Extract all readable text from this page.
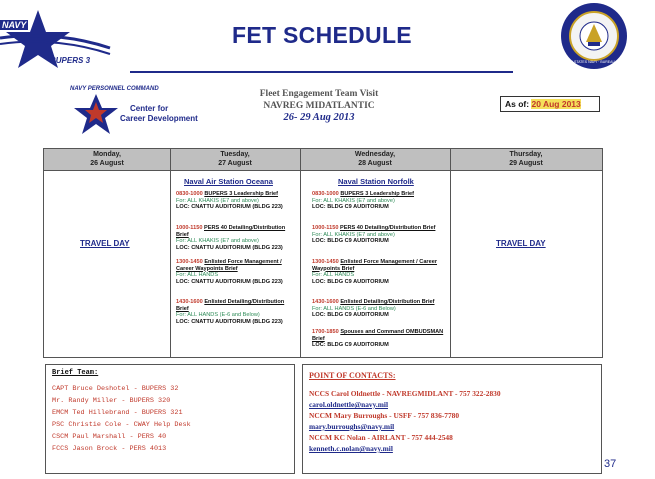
NAVY
BUPERS 3
FET SCHEDULE
UNITED STATES NAVY · BUREAU OF NAVAL PERSONNEL
NAVY PERSONNEL COMMAND
Center for
Career Development
Fleet Engagement Team Visit
NAVREG MIDATLANTIC
26- 29 Aug 2013
As of: 20 Aug 2013
Monday,
26 August
Tuesday,
27 August
Wednesday,
28 August
Thursday,
29 August
TRAVEL DAY	TRAVEL DAY
Naval Air Station Oceana	Naval Station Norfolk
0830-1000 BUPERS 3 Leadership Brief
For: ALL KHAKIS (E7 and above)
LOC: CNATTU AUDITORIUM (BLDG 223)
1000-1150 PERS 40 Detailing/Distribution Brief
For: ALL KHAKIS (E7 and above)
LOC: CNATTU AUDITORIUM (BLDG 223)
1300-1450 Enlisted Force Management / Career Waypoints Brief
For: ALL HANDS
LOC: CNATTU AUDITORIUM (BLDG 223)
1430-1600 Enlisted Detailing/Distribution Brief
For: ALL HANDS (E-6 and Below)
LOC: CNATTU AUDITORIUM (BLDG 223)
0830-1000 BUPERS 3 Leadership Brief
For: ALL KHAKIS (E7 and above)
LOC: BLDG C9 AUDITORIUM
1000-1150 PERS 40 Detailing/Distribution Brief
For: ALL KHAKIS (E7 and above)
LOC: BLDG C9 AUDITORIUM
1300-1450 Enlisted Force Management / Career Waypoints Brief
For: ALL HANDS
LOC: BLDG C9 AUDITORIUM
1430-1600 Enlisted Detailing/Distribution Brief
For: ALL HANDS (E-6 and Below)
LOC: BLDG C9 AUDITORIUM
1700-1850 Spouses and Command OMBUDSMAN Brief
LOC: BLDG C9 AUDITORIUM
Brief Team:
CAPT Bruce Deshotel - BUPERS 32
Mr. Randy Miller - BUPERS 320
EMCM Ted Hillebrand - BUPERS 321
PSC Christie Cole - CWAY Help Desk
CSCM Paul Marshall - PERS 40
FCCS Jason Brock - PERS 4013
POINT OF CONTACTS:
NCCS Carol Oldnettle - NAVREGMIDLANT - 757 322-2830
carol.oldnettle@navy.mil
NCCM Mary Burroughs - USFF - 757 836-7780
mary.burroughs@navy.mil
NCCM KC Nolan - AIRLANT - 757 444-2548
kenneth.c.nolan@navy.mil
37
